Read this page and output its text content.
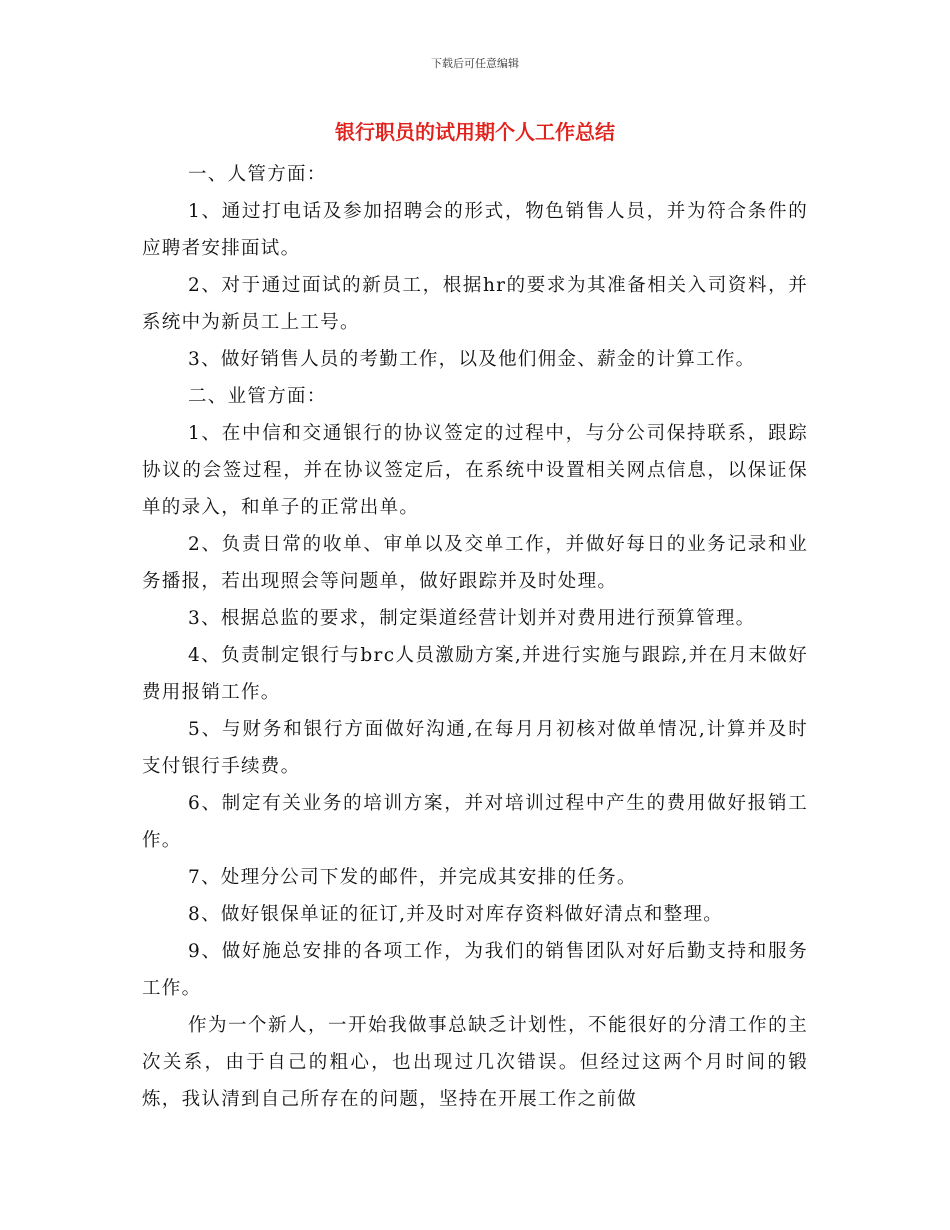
下载后可任意编辑
银行职员的试用期个人工作总结

一、人管方面：

1、通过打电话及参加招聘会的形式，物色销售人员，并为符合条件的应聘者安排面试。

2、对于通过面试的新员工，根据hr的要求为其准备相关入司资料，并系统中为新员工上工号。

3、做好销售人员的考勤工作，以及他们佣金、薪金的计算工作。

二、业管方面：

1、在中信和交通银行的协议签定的过程中，与分公司保持联系，跟踪协议的会签过程，并在协议签定后，在系统中设置相关网点信息，以保证保单的录入，和单子的正常出单。

2、负责日常的收单、审单以及交单工作，并做好每日的业务记录和业务播报，若出现照会等问题单，做好跟踪并及时处理。

3、根据总监的要求，制定渠道经营计划并对费用进行预算管理。

4、负责制定银行与brc人员激励方案,并进行实施与跟踪,并在月末做好费用报销工作。

5、与财务和银行方面做好沟通,在每月月初核对做单情况,计算并及时支付银行手续费。

6、制定有关业务的培训方案，并对培训过程中产生的费用做好报销工作。

7、处理分公司下发的邮件，并完成其安排的任务。

8、做好银保单证的征订,并及时对库存资料做好清点和整理。

9、做好施总安排的各项工作，为我们的销售团队对好后勤支持和服务工作。

作为一个新人，一开始我做事总缺乏计划性，不能很好的分清工作的主次关系，由于自己的粗心，也出现过几次错误。但经过这两个月时间的锻炼，我认清到自己所存在的问题，坚持在开展工作之前做
